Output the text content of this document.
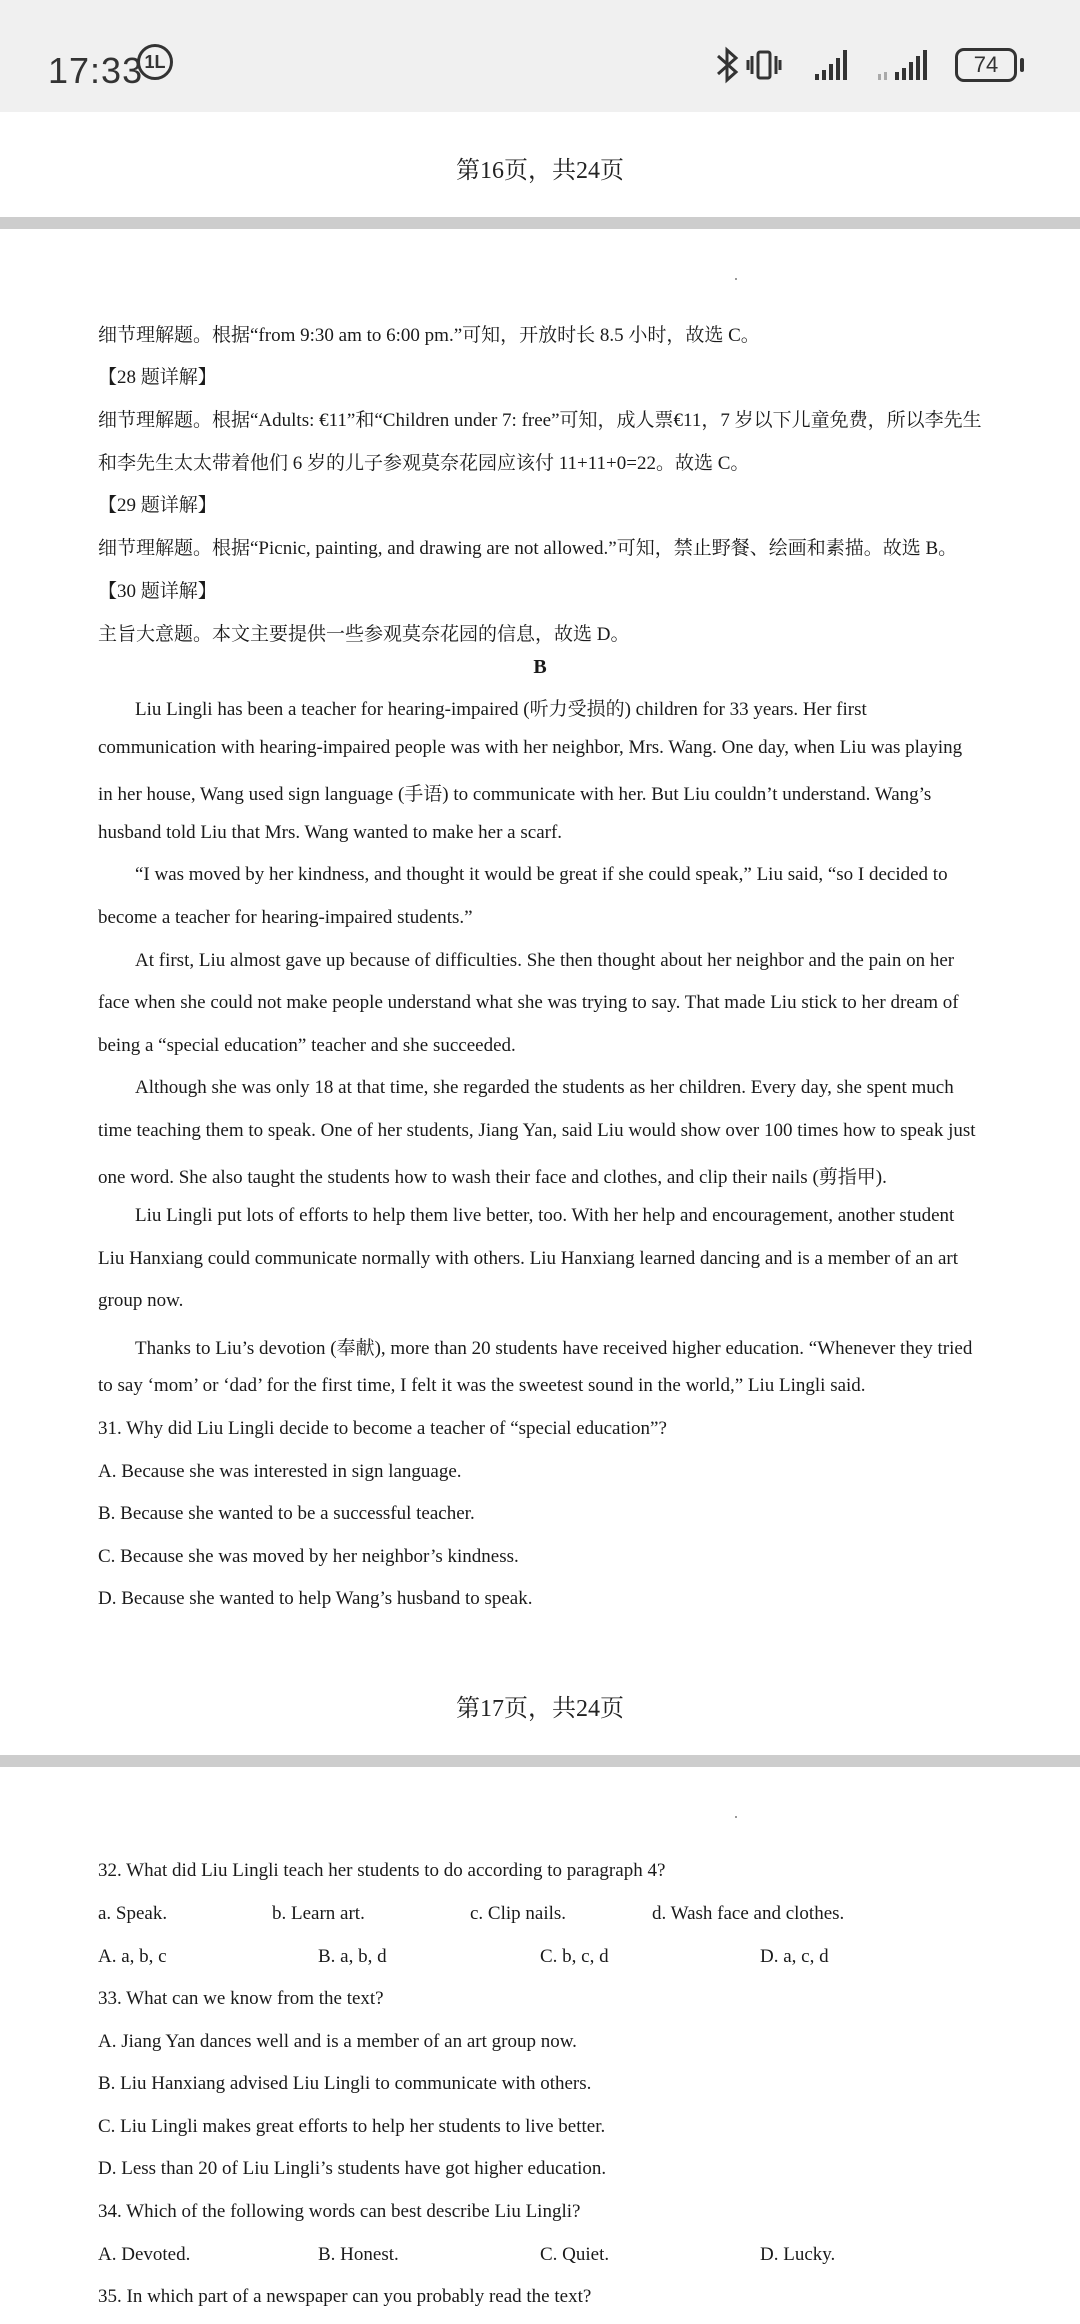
17:33 1L	74
第16页，共24页
细节理解题。根据“from 9:30 am to 6:00 pm.”可知，开放时长 8.5 小时，故选 C。
【28 题详解】
细节理解题。根据“Adults: €11”和“Children under 7: free”可知，成人票€11，7 岁以下儿童免费，所以李先生
和李先生太太带着他们 6 岁的儿子参观莫奈花园应该付 11+11+0=22。故选 C。
【29 题详解】
细节理解题。根据“Picnic, painting, and drawing are not allowed.”可知，禁止野餐、绘画和素描。故选 B。
【30 题详解】
主旨大意题。本文主要提供一些参观莫奈花园的信息，故选 D。
B
Liu Lingli has been a teacher for hearing-impaired (听力受损的) children for 33 years. Her first
communication with hearing-impaired people was with her neighbor, Mrs. Wang. One day, when Liu was playing
in her house, Wang used sign language (手语) to communicate with her. But Liu couldn’t understand. Wang’s
husband told Liu that Mrs. Wang wanted to make her a scarf.
“I was moved by her kindness, and thought it would be great if she could speak,” Liu said, “so I decided to
become a teacher for hearing-impaired students.”
At first, Liu almost gave up because of difficulties. She then thought about her neighbor and the pain on her
face when she could not make people understand what she was trying to say. That made Liu stick to her dream of
being a “special education” teacher and she succeeded.
Although she was only 18 at that time, she regarded the students as her children. Every day, she spent much
time teaching them to speak. One of her students, Jiang Yan, said Liu would show over 100 times how to speak just
one word. She also taught the students how to wash their face and clothes, and clip their nails (剪指甲).
Liu Lingli put lots of efforts to help them live better, too. With her help and encouragement, another student
Liu Hanxiang could communicate normally with others. Liu Hanxiang learned dancing and is a member of an art
group now.
Thanks to Liu’s devotion (奉献), more than 20 students have received higher education. “Whenever they tried
to say ‘mom’ or ‘dad’ for the first time, I felt it was the sweetest sound in the world,” Liu Lingli said.
31. Why did Liu Lingli decide to become a teacher of “special education”?
A. Because she was interested in sign language.
B. Because she wanted to be a successful teacher.
C. Because she was moved by her neighbor’s kindness.
D. Because she wanted to help Wang’s husband to speak.
第17页，共24页
32. What did Liu Lingli teach her students to do according to paragraph 4?
a. Speak.	b. Learn art.	c. Clip nails.	d. Wash face and clothes.
A. a, b, c	B. a, b, d	C. b, c, d	D. a, c, d
33. What can we know from the text?
A. Jiang Yan dances well and is a member of an art group now.
B. Liu Hanxiang advised Liu Lingli to communicate with others.
C. Liu Lingli makes great efforts to help her students to live better.
D. Less than 20 of Liu Lingli’s students have got higher education.
34. Which of the following words can best describe Liu Lingli?
A. Devoted.	B. Honest.	C. Quiet.	D. Lucky.
35. In which part of a newspaper can you probably read the text?
